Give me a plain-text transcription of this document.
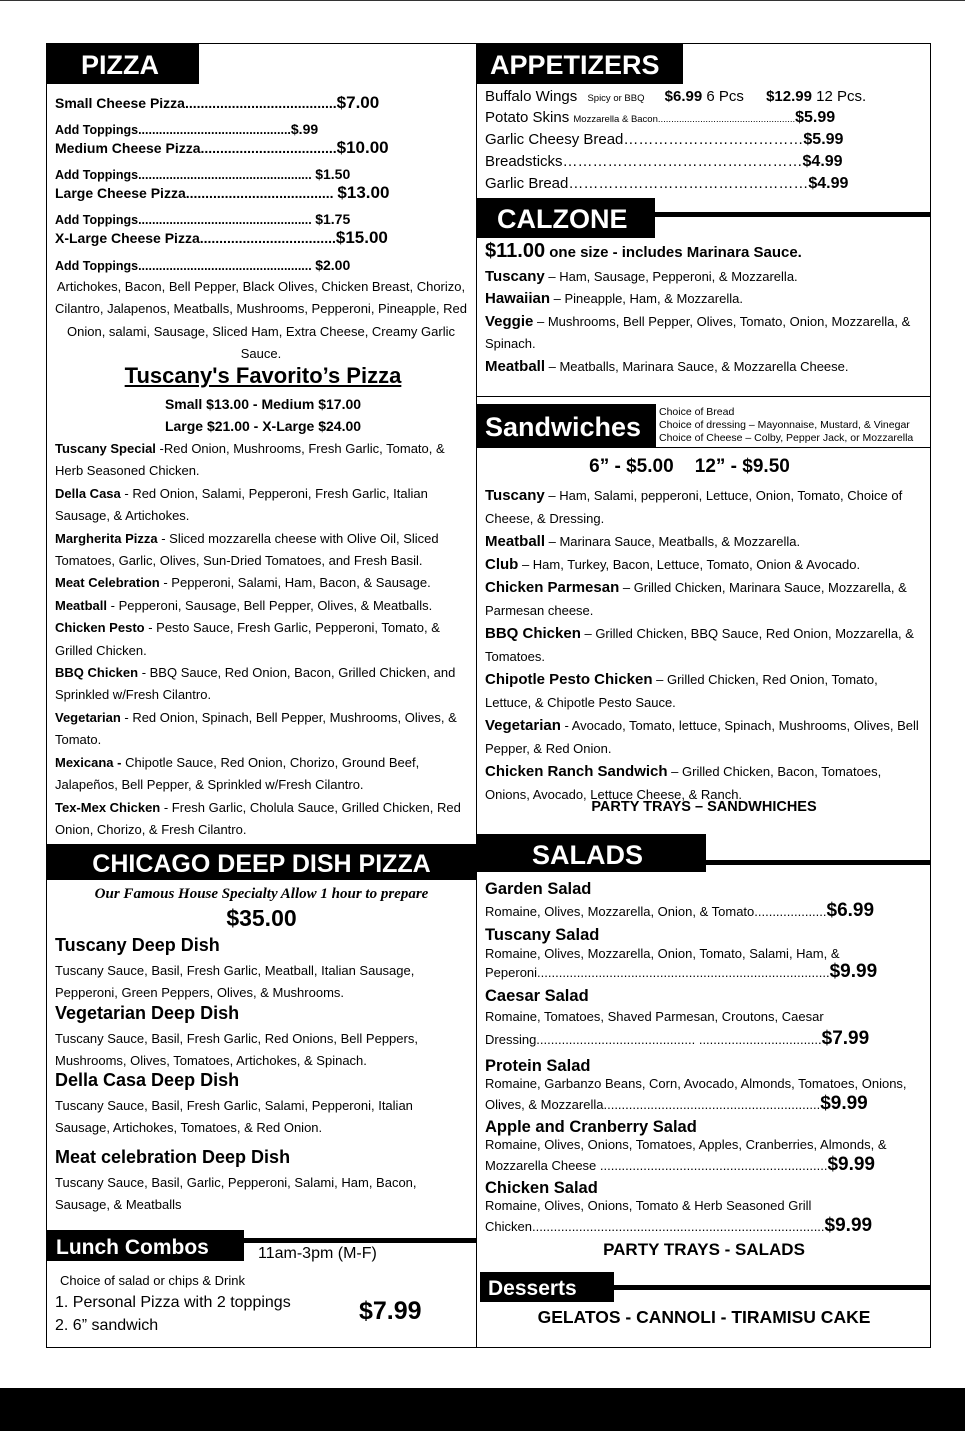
PIZZA
Small Cheese Pizza.......................................$7.00
Add Toppings............................................$.99
Medium Cheese Pizza...................................$10.00
Add Toppings.................................................. $1.50
Large Cheese Pizza...................................... $13.00
Add Toppings.................................................. $1.75
X-Large Cheese Pizza...................................$15.00
Add Toppings.................................................. $2.00
Artichokes, Bacon, Bell Pepper, Black Olives, Chicken Breast, Chorizo, Cilantro, Jalapenos, Meatballs, Mushrooms, Pepperoni, Pineapple, Red Onion, salami, Sausage, Sliced Ham, Extra Cheese, Creamy Garlic Sauce.
Tuscany's Favorito’s Pizza
Small $13.00 - Medium $17.00
Large $21.00 - X-Large $24.00
Tuscany Special -Red Onion, Mushrooms, Fresh Garlic, Tomato, & Herb Seasoned Chicken.
Della Casa - Red Onion, Salami, Pepperoni, Fresh Garlic, Italian Sausage, & Artichokes.
Margherita Pizza - Sliced mozzarella cheese with Olive Oil, Sliced Tomatoes, Garlic, Olives, Sun-Dried Tomatoes, and Fresh Basil.
Meat Celebration - Pepperoni, Salami, Ham, Bacon, & Sausage.
Meatball - Pepperoni, Sausage, Bell Pepper, Olives, & Meatballs.
Chicken Pesto - Pesto Sauce, Fresh Garlic, Pepperoni, Tomato, & Grilled Chicken.
BBQ Chicken - BBQ Sauce, Red Onion, Bacon, Grilled Chicken, and Sprinkled w/Fresh Cilantro.
Vegetarian - Red Onion, Spinach, Bell Pepper, Mushrooms, Olives, & Tomato.
Mexicana - Chipotle Sauce, Red Onion, Chorizo, Ground Beef, Jalapeños, Bell Pepper, & Sprinkled w/Fresh Cilantro.
Tex-Mex Chicken - Fresh Garlic, Cholula Sauce, Grilled Chicken, Red Onion, Chorizo, & Fresh Cilantro.
CHICAGO DEEP DISH PIZZA
Our Famous House Specialty Allow 1 hour to prepare
$35.00
Tuscany Deep Dish
Tuscany Sauce, Basil, Fresh Garlic, Meatball, Italian Sausage, Pepperoni, Green Peppers, Olives, & Mushrooms.
Vegetarian Deep Dish
Tuscany Sauce, Basil, Fresh Garlic, Red Onions, Bell Peppers, Mushrooms, Olives, Tomatoes, Artichokes, & Spinach.
Della Casa Deep Dish
Tuscany Sauce, Basil, Fresh Garlic, Salami, Pepperoni, Italian Sausage, Artichokes, Tomatoes, & Red Onion.
Meat celebration Deep Dish
Tuscany Sauce, Basil, Garlic, Pepperoni, Salami, Ham, Bacon, Sausage, & Meatballs
Lunch Combos	11am-3pm (M-F)
Choice of salad or chips & Drink
1. Personal Pizza with 2 toppings
2. 6” sandwich
$7.99
APPETIZERS
Buffalo Wings Spicy or BBQ $6.99 6 Pcs $12.99 12 Pcs.
Potato Skins Mozzarella & Bacon....................................................$5.99
Garlic Cheesy Bread………………………………$5.99
Breadsticks…………………………………………$4.99
Garlic Bread…………………………………………$4.99
CALZONE
$11.00 one size - includes Marinara Sauce.
Tuscany – Ham, Sausage, Pepperoni, & Mozzarella.
Hawaiian – Pineapple, Ham, & Mozzarella.
Veggie – Mushrooms, Bell Pepper, Olives, Tomato, Onion, Mozzarella, & Spinach.
Meatball – Meatballs, Marinara Sauce, & Mozzarella Cheese.
Sandwiches	Choice of Bread
Choice of dressing – Mayonnaise, Mustard, & Vinegar
Choice of Cheese – Colby, Pepper Jack, or Mozzarella
6” - $5.00    12” - $9.50
Tuscany – Ham, Salami, pepperoni, Lettuce, Onion, Tomato, Choice of Cheese, & Dressing.
Meatball – Marinara Sauce, Meatballs, & Mozzarella.
Club – Ham, Turkey, Bacon, Lettuce, Tomato, Onion & Avocado.
Chicken Parmesan – Grilled Chicken, Marinara Sauce, Mozzarella, & Parmesan cheese.
BBQ Chicken – Grilled Chicken, BBQ Sauce, Red Onion, Mozzarella, & Tomatoes.
Chipotle Pesto Chicken – Grilled Chicken, Red Onion, Tomato, Lettuce, & Chipotle Pesto Sauce.
Vegetarian - Avocado, Tomato, lettuce, Spinach, Mushrooms, Olives, Bell Pepper, & Red Onion.
Chicken Ranch Sandwich – Grilled Chicken, Bacon, Tomatoes, Onions, Avocado, Lettuce Cheese, & Ranch.
PARTY TRAYS – SANDWHICHES
SALADS
Garden Salad
Romaine, Olives, Mozzarella, Onion, & Tomato....................$6.99
Tuscany Salad
Romaine, Olives, Mozzarella, Onion, Tomato, Salami, Ham, &
Peperoni.................................................................................$9.99
Caesar Salad
Romaine, Tomatoes, Shaved Parmesan, Croutons, Caesar
Dressing............................................ ..................................$7.99
Protein Salad
Romaine, Garbanzo Beans, Corn, Avocado, Almonds, Tomatoes, Onions,
Olives, & Mozzarella............................................................$9.99
Apple and Cranberry Salad
Romaine, Olives, Onions, Tomatoes, Apples, Cranberries, Almonds, &
Mozzarella Cheese ...............................................................$9.99
Chicken Salad
Romaine, Olives, Onions, Tomato & Herb Seasoned Grill
Chicken.................................................................................$9.99
PARTY TRAYS - SALADS
Desserts
GELATOS - CANNOLI - TIRAMISU CAKE
